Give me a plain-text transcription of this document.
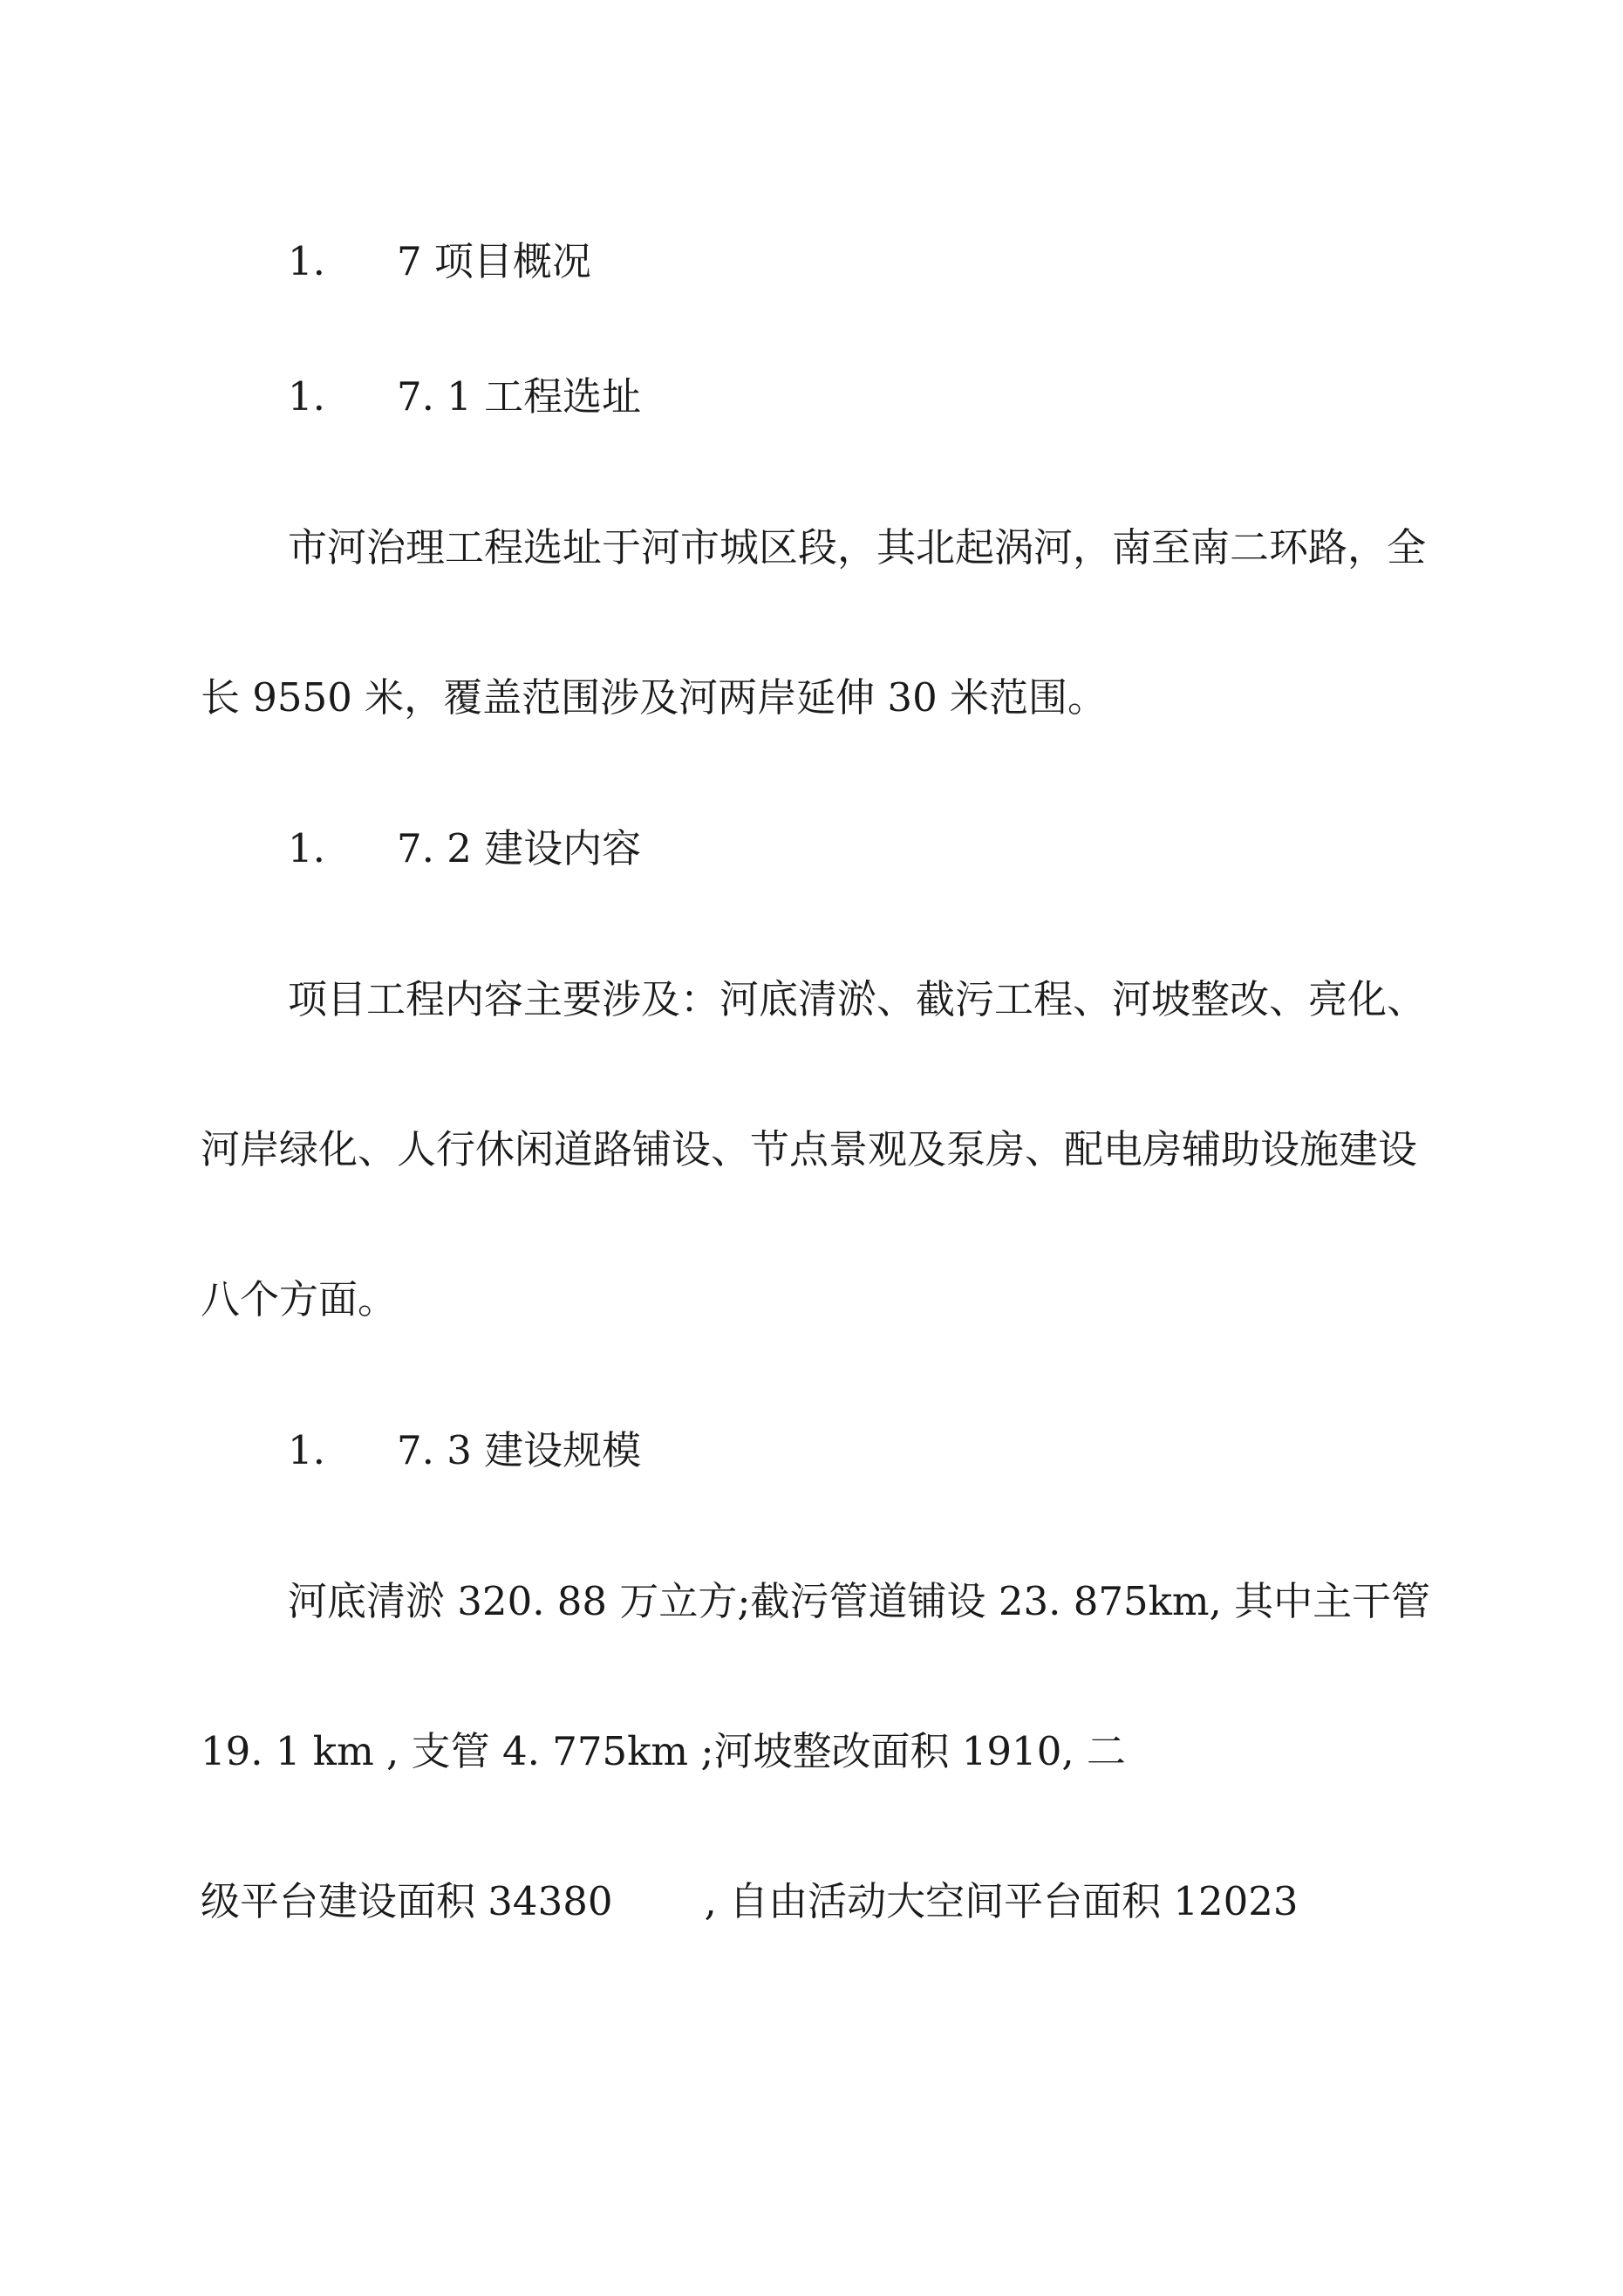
1. 7 项目概况
1. 7. 1 工程选址
市河治理工程选址于河市城区段，其北起涡河，南至南二环路，全
长 9550 米，覆盖范围涉及河两岸延伸 30 米范围。
1. 7. 2 建设内容
项目工程内容主要涉及：河底清淤、截污工程、河坡整改、亮化、
河岸绿化、人行休闲道路铺设、节点景观及泵房、配电房辅助设施建设
八个方面。
1. 7. 3 建设规模
河底清淤 320. 88 万立方;截污管道铺设 23. 875km, 其中主干管
19. 1 km , 支管 4. 775km ;河坡整改面积 1910, 二
级平台建设面积 34380 , 自由活动大空间平台面积 12023
